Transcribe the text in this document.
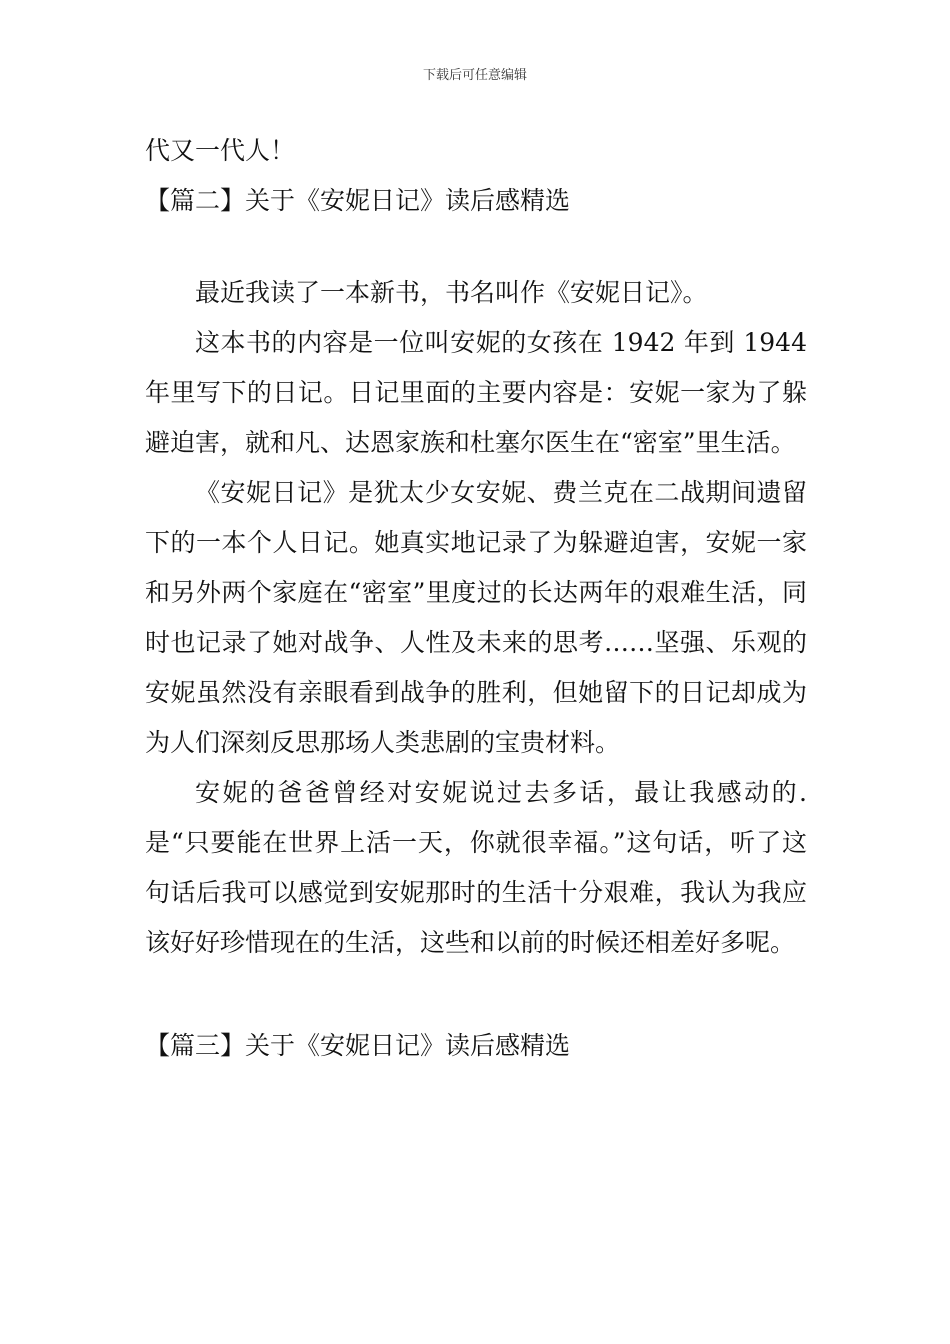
下载后可任意编辑

代又一代人！

【篇二】关于《安妮日记》读后感精选

最近我读了一本新书，书名叫作《安妮日记》。

这本书的内容是一位叫安妮的女孩在 1942 年到 1944 年里写下的日记。日记里面的主要内容是：安妮一家为了躲避迫害，就和凡、达恩家族和杜塞尔医生在“密室”里生活。

《安妮日记》是犹太少女安妮、费兰克在二战期间遗留下的一本个人日记。她真实地记录了为躲避迫害，安妮一家和另外两个家庭在“密室”里度过的长达两年的艰难生活，同时也记录了她对战争、人性及未来的思考……坚强、乐观的安妮虽然没有亲眼看到战争的胜利，但她留下的日记却成为为人们深刻反思那场人类悲剧的宝贵材料。

安妮的爸爸曾经对安妮说过去多话，最让我感动的.是“只要能在世界上活一天，你就很幸福。”这句话，听了这句话后我可以感觉到安妮那时的生活十分艰难，我认为我应该好好珍惜现在的生活，这些和以前的时候还相差好多呢。

【篇三】关于《安妮日记》读后感精选
